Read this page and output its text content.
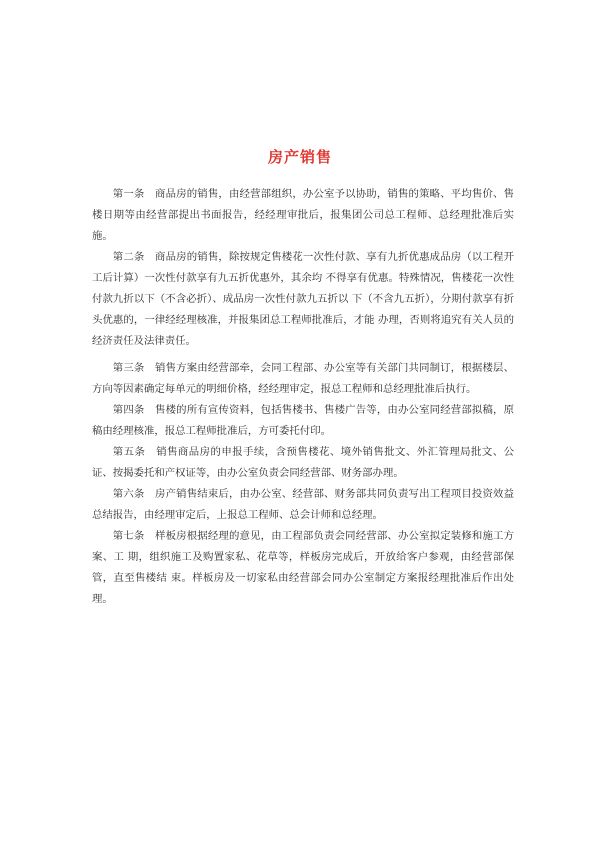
房产销售

第一条　商品房的销售，由经营部组织，办公室予以协助，销售的策略、平均售价、售楼日期等由经营部提出书面报告，经经理审批后，报集团公司总工程师、总经理批准后实施。

第二条　商品房的销售，除按规定售楼花一次性付款、享有九折优惠成品房（以工程开工后计算）一次性付款享有九五折优惠外，其余均 不得享有优惠。特殊情况，售楼花一次性付款九折以下（不含必折）、成品房一次性付款九五折以 下（不含九五折），分期付款享有折头优惠的，一律经经理核准，并报集团总工程师批准后，才能 办理，否则将追究有关人员的经济责任及法律责任。

第三条　销售方案由经营部牵，会同工程部、办公室等有关部门共同制订，根据楼层、方向等因素确定每单元的明细价格，经经理审定，报总工程师和总经理批准后执行。

第四条　售楼的所有宣传资料，包括售楼书、售楼广告等，由办公室同经营部拟稿，原稿由经理核准，报总工程师批准后，方可委托付印。

第五条　销售商品房的申报手续，含预售楼花、境外销售批文、外汇管理局批文、公证、按揭委托和产权证等，由办公室负责会同经营部、财务部办理。

第六条　房产销售结束后，由办公室、经营部、财务部共同负责写出工程项目投资效益总结报告，由经理审定后，上报总工程师、总会计师和总经理。

第七条　样板房根据经理的意见，由工程部负责会同经营部、办公室拟定装修和施工方案、工 期，组织施工及购置家私、花草等，样板房完成后，开放给客户参观，由经营部保管，直至售楼结 束。样板房及一切家私由经营部会同办公室制定方案报经理批准后作出处理。
